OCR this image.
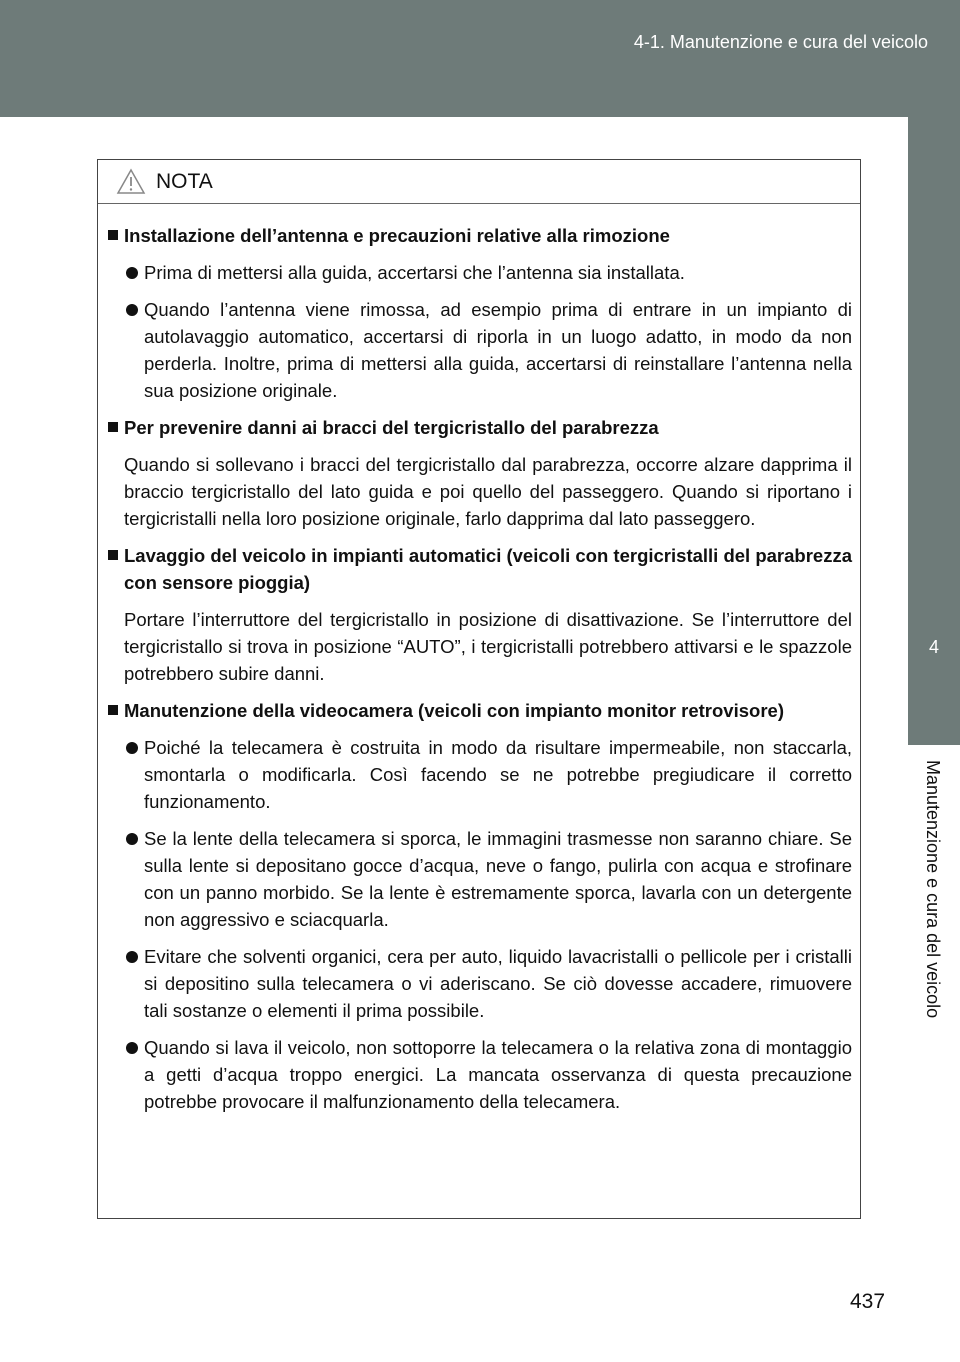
4-1. Manutenzione e cura del veicolo
4
Manutenzione e cura del veicolo
NOTA
Installazione dell’antenna e precauzioni relative alla rimozione
Prima di mettersi alla guida, accertarsi che l’antenna sia installata.
Quando l’antenna viene rimossa, ad esempio prima di entrare in un impianto di autolavaggio automatico, accertarsi di riporla in un luogo adatto, in modo da non perderla. Inoltre, prima di mettersi alla guida, accertarsi di reinstallare l’antenna nella sua posizione originale.
Per prevenire danni ai bracci del tergicristallo del parabrezza
Quando si sollevano i bracci del tergicristallo dal parabrezza, occorre alzare dapprima il braccio tergicristallo del lato guida e poi quello del passeggero. Quando si riportano i tergicristalli nella loro posizione originale, farlo dapprima dal lato passeggero.
Lavaggio del veicolo in impianti automatici (veicoli con tergicristalli del parabrezza con sensore pioggia)
Portare l’interruttore del tergicristallo in posizione di disattivazione. Se l’interruttore del tergicristallo si trova in posizione “AUTO”, i tergicristalli potrebbero attivarsi e le spazzole potrebbero subire danni.
Manutenzione della videocamera (veicoli con impianto monitor retrovisore)
Poiché la telecamera è costruita in modo da risultare impermeabile, non staccarla, smontarla o modificarla. Così facendo se ne potrebbe pregiudicare il corretto funzionamento.
Se la lente della telecamera si sporca, le immagini trasmesse non saranno chiare. Se sulla lente si depositano gocce d’acqua, neve o fango, pulirla con acqua e strofinare con un panno morbido. Se la lente è estremamente sporca, lavarla con un detergente non aggressivo e sciacquarla.
Evitare che solventi organici, cera per auto, liquido lavacristalli o pellicole per i cristalli si depositino sulla telecamera o vi aderiscano. Se ciò dovesse accadere, rimuovere tali sostanze o elementi il prima possibile.
Quando si lava il veicolo, non sottoporre la telecamera o la relativa zona di montaggio a getti d’acqua troppo energici. La mancata osservanza di questa precauzione potrebbe provocare il malfunzionamento della telecamera.
437
